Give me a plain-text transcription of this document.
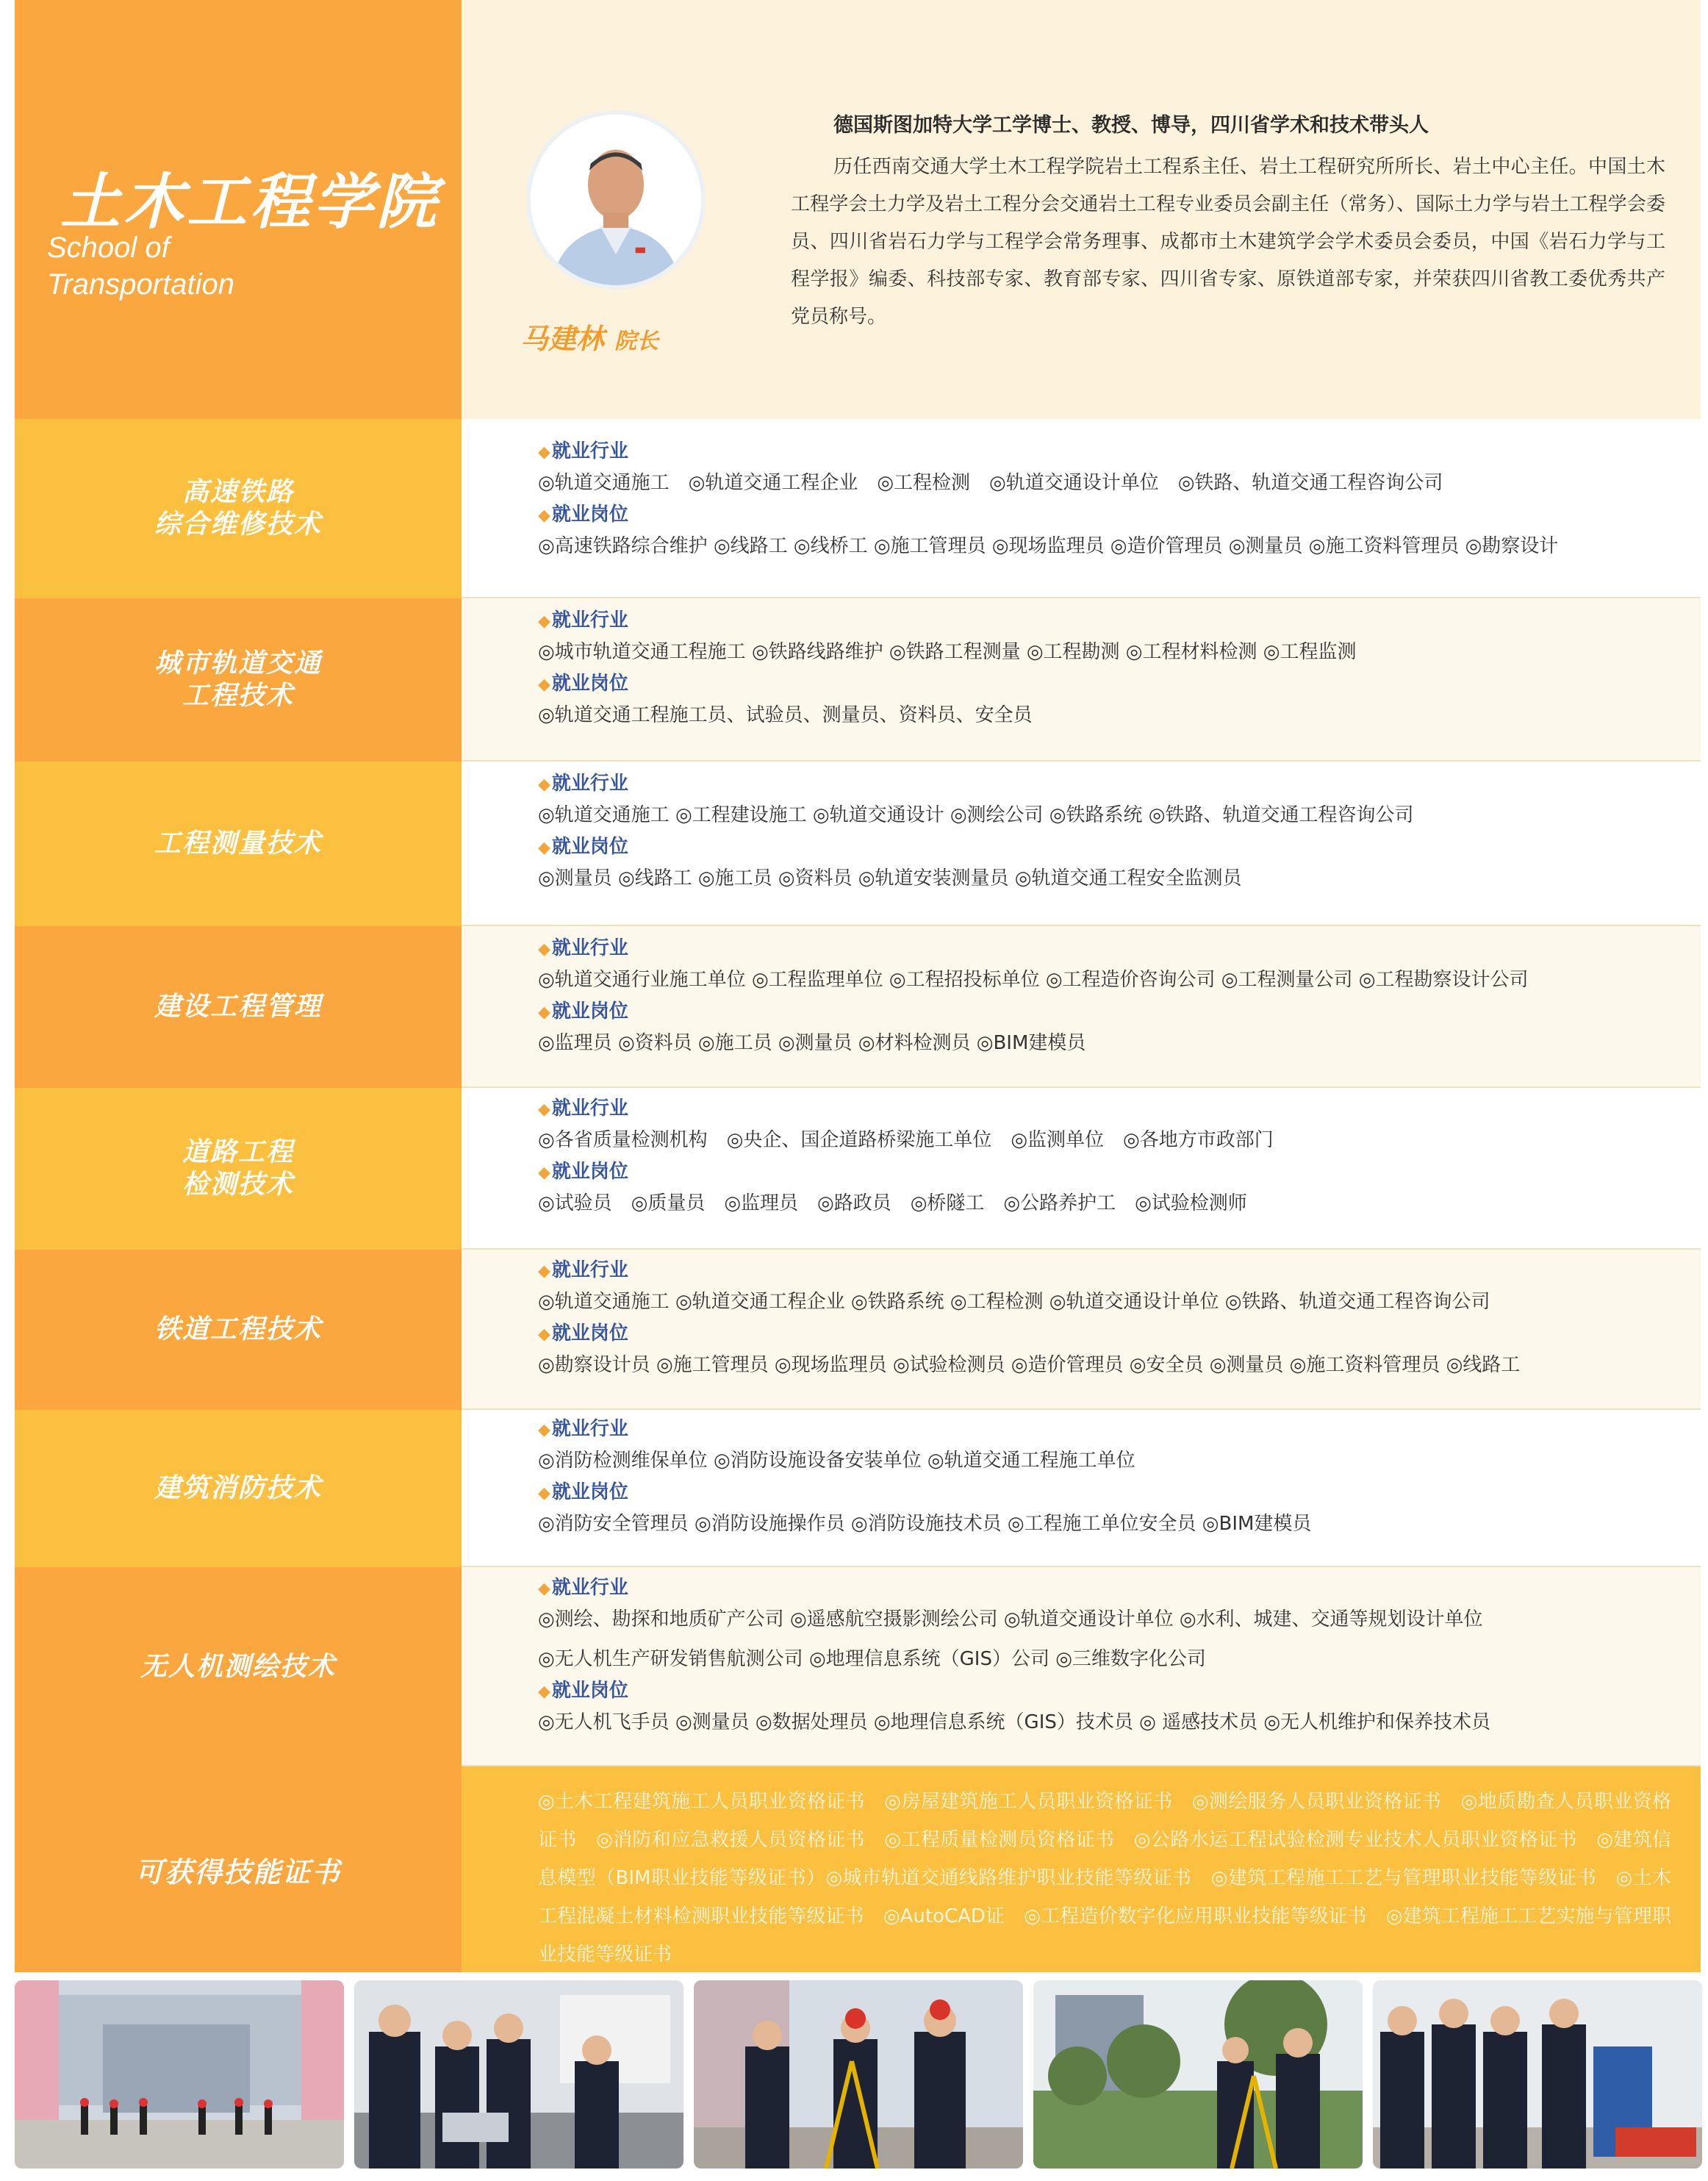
土木工程学院
School of
Transportation
马建林 院长
德国斯图加特大学工学博士、教授、博导，四川省学术和技术带头人
历任西南交通大学土木工程学院岩土工程系主任、岩土工程研究所所长、岩土中心主任。中国土木工程学会土力学及岩土工程分会交通岩土工程专业委员会副主任（常务）、国际土力学与岩土工程学会委员、四川省岩石力学与工程学会常务理事、成都市土木建筑学会学术委员会委员，中国《岩石力学与工程学报》编委、科技部专家、教育部专家、四川省专家、原铁道部专家，并荣获四川省教工委优秀共产党员称号。
高速铁路
综合维修技术
◆就业行业
◎轨道交通施工　◎轨道交通工程企业　◎工程检测　◎轨道交通设计单位　◎铁路、轨道交通工程咨询公司
◆就业岗位
◎高速铁路综合维护 ◎线路工 ◎线桥工 ◎施工管理员 ◎现场监理员 ◎造价管理员 ◎测量员 ◎施工资料管理员 ◎勘察设计
城市轨道交通
工程技术
◆就业行业
◎城市轨道交通工程施工 ◎铁路线路维护 ◎铁路工程测量 ◎工程勘测 ◎工程材料检测 ◎工程监测
◆就业岗位
◎轨道交通工程施工员、试验员、测量员、资料员、安全员
工程测量技术
◆就业行业
◎轨道交通施工 ◎工程建设施工 ◎轨道交通设计 ◎测绘公司 ◎铁路系统 ◎铁路、轨道交通工程咨询公司
◆就业岗位
◎测量员 ◎线路工 ◎施工员 ◎资料员 ◎轨道安装测量员 ◎轨道交通工程安全监测员
建设工程管理
◆就业行业
◎轨道交通行业施工单位 ◎工程监理单位 ◎工程招投标单位 ◎工程造价咨询公司 ◎工程测量公司 ◎工程勘察设计公司
◆就业岗位
◎监理员 ◎资料员 ◎施工员 ◎测量员 ◎材料检测员 ◎BIM建模员
道路工程
检测技术
◆就业行业
◎各省质量检测机构　◎央企、国企道路桥梁施工单位　◎监测单位　◎各地方市政部门
◆就业岗位
◎试验员　◎质量员　◎监理员　◎路政员　◎桥隧工　◎公路养护工　◎试验检测师
铁道工程技术
◆就业行业
◎轨道交通施工 ◎轨道交通工程企业 ◎铁路系统 ◎工程检测 ◎轨道交通设计单位 ◎铁路、轨道交通工程咨询公司
◆就业岗位
◎勘察设计员 ◎施工管理员 ◎现场监理员 ◎试验检测员 ◎造价管理员 ◎安全员 ◎测量员 ◎施工资料管理员 ◎线路工
建筑消防技术
◆就业行业
◎消防检测维保单位 ◎消防设施设备安装单位 ◎轨道交通工程施工单位
◆就业岗位
◎消防安全管理员 ◎消防设施操作员 ◎消防设施技术员 ◎工程施工单位安全员 ◎BIM建模员
无人机测绘技术
◆就业行业
◎测绘、勘探和地质矿产公司 ◎遥感航空摄影测绘公司 ◎轨道交通设计单位 ◎水利、城建、交通等规划设计单位
◎无人机生产研发销售航测公司 ◎地理信息系统（GIS）公司 ◎三维数字化公司
◆就业岗位
◎无人机飞手员 ◎测量员 ◎数据处理员 ◎地理信息系统（GIS）技术员 ◎ 遥感技术员 ◎无人机维护和保养技术员
可获得技能证书
◎土木工程建筑施工人员职业资格证书　◎房屋建筑施工人员职业资格证书　◎测绘服务人员职业资格证书　◎地质勘查人员职业资格证书　◎消防和应急救援人员资格证书　◎工程质量检测员资格证书　◎公路水运工程试验检测专业技术人员职业资格证书　◎建筑信息模型（BIM职业技能等级证书）◎城市轨道交通线路维护职业技能等级证书　◎建筑工程施工工艺与管理职业技能等级证书　◎土木工程混凝土材料检测职业技能等级证书　◎AutoCAD证　◎工程造价数字化应用职业技能等级证书　◎建筑工程施工工艺实施与管理职业技能等级证书
